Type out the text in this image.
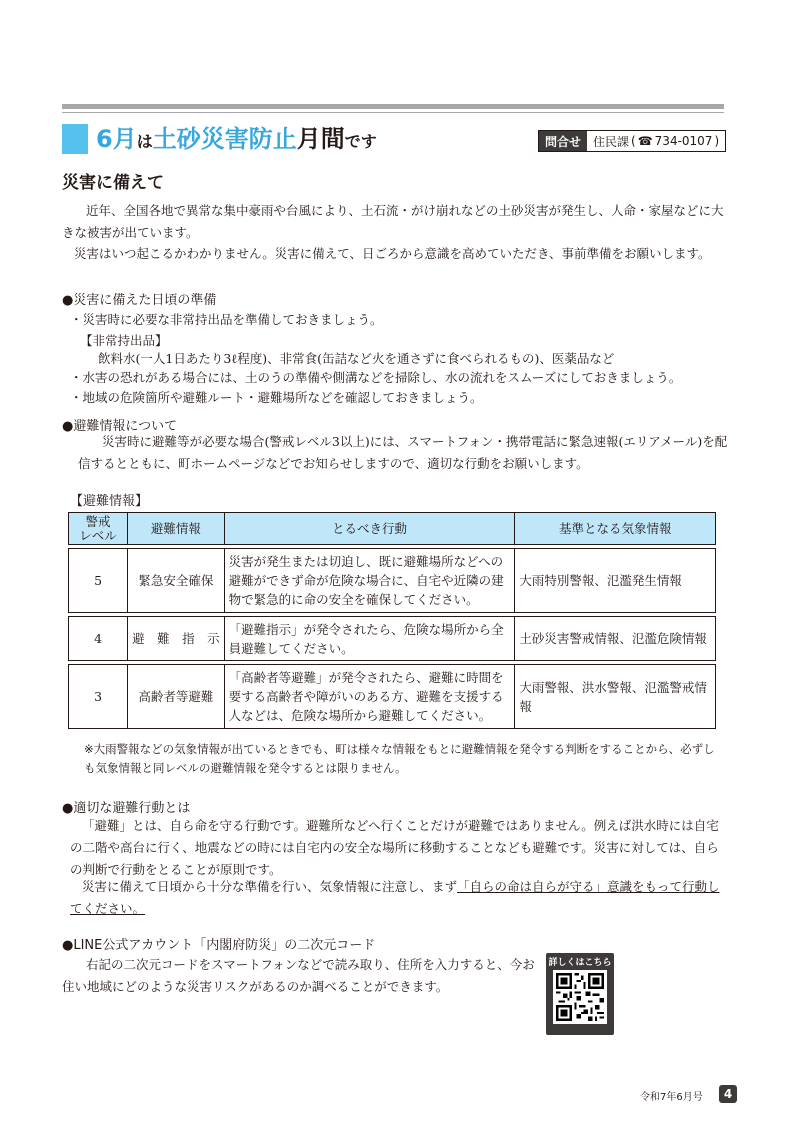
6月は土砂災害防止月間です	問合せ	住民課 ( ☎ 734-0107 )
災害に備えて
近年、全国各地で異常な集中豪雨や台風により、土石流・がけ崩れなどの土砂災害が発生し、人命・家屋などに大きな被害が出ています。
災害はいつ起こるかわかりません。災害に備えて、日ごろから意識を高めていただき、事前準備をお願いします。
●災害に備えた日頃の準備
・災害時に必要な非常持出品を準備しておきましょう。
【非常持出品】
飲料水(一人1日あたり3ℓ程度)、非常食(缶詰など火を通さずに食べられるもの)、医薬品など
・水害の恐れがある場合には、土のうの準備や側溝などを掃除し、水の流れをスムーズにしておきましょう。
・地域の危険箇所や避難ルート・避難場所などを確認しておきましょう。
●避難情報について
災害時に避難等が必要な場合(警戒レベル3以上)には、スマートフォン・携帯電話に緊急速報(エリアメール)を配信するとともに、町ホームページなどでお知らせしますので、適切な行動をお願いします。
【避難情報】
警戒
レベル	避難情報	とるべき行動	基準となる気象情報

5	緊急安全確保	災害が発生または切迫し、既に避難場所などへの避難ができず命が危険な場合に、自宅や近隣の建物で緊急的に命の安全を確保してください。	大雨特別警報、氾濫発生情報

4	避　難　指　示	「避難指示」が発令されたら、危険な場所から全員避難してください。	土砂災害警戒情報、氾濫危険情報

3	高齢者等避難	「高齢者等避難」が発令されたら、避難に時間を要する高齢者や障がいのある方、避難を支援する人などは、危険な場所から避難してください。	大雨警報、洪水警報、氾濫警戒情報
※大雨警報などの気象情報が出ているときでも、町は様々な情報をもとに避難情報を発令する判断をすることから、必ずしも気象情報と同レベルの避難情報を発令するとは限りません。
●適切な避難行動とは
「避難」とは、自ら命を守る行動です。避難所などへ行くことだけが避難ではありません。例えば洪水時には自宅の二階や高台に行く、地震などの時には自宅内の安全な場所に移動することなども避難です。災害に対しては、自らの判断で行動をとることが原則です。
災害に備えて日頃から十分な準備を行い、気象情報に注意し、まず「自らの命は自らが守る」意識をもって行動してください。
●LINE公式アカウント「内閣府防災」の二次元コード
右記の二次元コードをスマートフォンなどで読み取り、住所を入力すると、今お住い地域にどのような災害リスクがあるのか調べることができます。
詳しくはこちら
令和7年6月号	4
